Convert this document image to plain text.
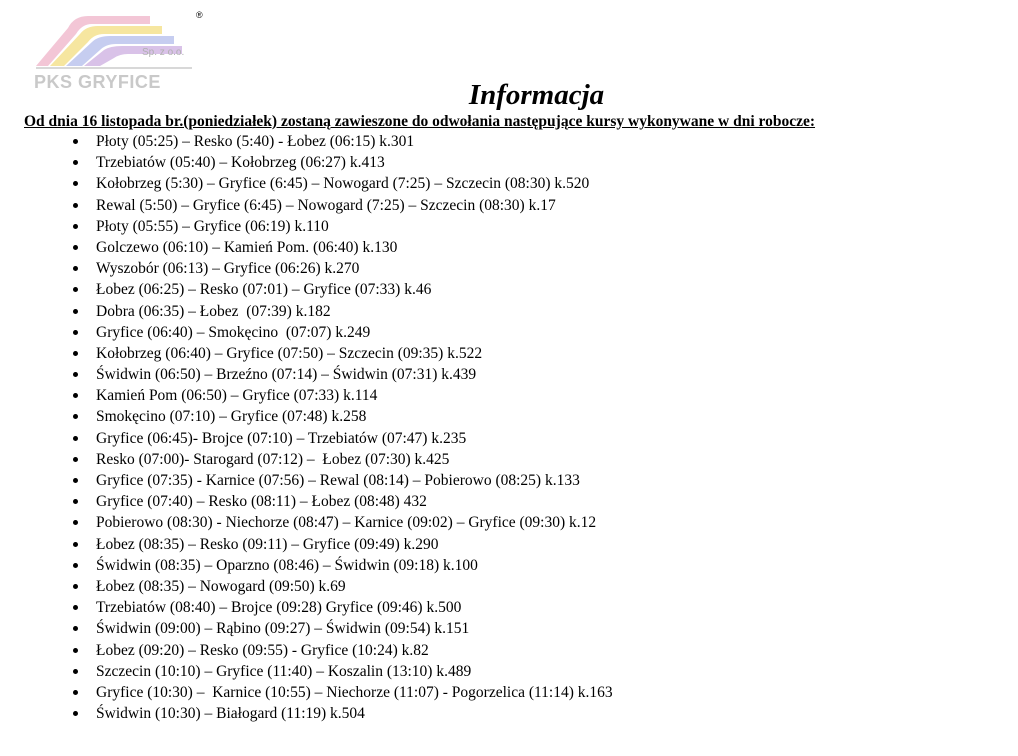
Sp. z o.o.
®
PKS GRYFICE	Informacja
Od dnia 16 listopada br.(poniedziałek) zostaną zawieszone do odwołania następujące kursy wykonywane w dni robocze:
Płoty (05:25) – Resko (5:40) - Łobez (06:15) k.301
Trzebiatów (05:40) – Kołobrzeg (06:27) k.413
Kołobrzeg (5:30) – Gryfice (6:45) – Nowogard (7:25) – Szczecin (08:30) k.520
Rewal (5:50) – Gryfice (6:45) – Nowogard (7:25) – Szczecin (08:30) k.17
Płoty (05:55) – Gryfice (06:19) k.110
Golczewo (06:10) – Kamień Pom. (06:40) k.130
Wyszobór (06:13) – Gryfice (06:26) k.270
Łobez (06:25) – Resko (07:01) – Gryfice (07:33) k.46
Dobra (06:35) – Łobez  (07:39) k.182
Gryfice (06:40) – Smokęcino  (07:07) k.249
Kołobrzeg (06:40) – Gryfice (07:50) – Szczecin (09:35) k.522
Świdwin (06:50) – Brzeźno (07:14) – Świdwin (07:31) k.439
Kamień Pom (06:50) – Gryfice (07:33) k.114
Smokęcino (07:10) – Gryfice (07:48) k.258
Gryfice (06:45)- Brojce (07:10) – Trzebiatów (07:47) k.235
Resko (07:00)- Starogard (07:12) –  Łobez (07:30) k.425
Gryfice (07:35) - Karnice (07:56) – Rewal (08:14) – Pobierowo (08:25) k.133
Gryfice (07:40) – Resko (08:11) – Łobez (08:48) 432
Pobierowo (08:30) - Niechorze (08:47) – Karnice (09:02) – Gryfice (09:30) k.12
Łobez (08:35) – Resko (09:11) – Gryfice (09:49) k.290
Świdwin (08:35) – Oparzno (08:46) – Świdwin (09:18) k.100
Łobez (08:35) – Nowogard (09:50) k.69
Trzebiatów (08:40) – Brojce (09:28) Gryfice (09:46) k.500
Świdwin (09:00) – Rąbino (09:27) – Świdwin (09:54) k.151
Łobez (09:20) – Resko (09:55) - Gryfice (10:24) k.82
Szczecin (10:10) – Gryfice (11:40) – Koszalin (13:10) k.489
Gryfice (10:30) –  Karnice (10:55) – Niechorze (11:07) - Pogorzelica (11:14) k.163
Świdwin (10:30) – Białogard (11:19) k.504
